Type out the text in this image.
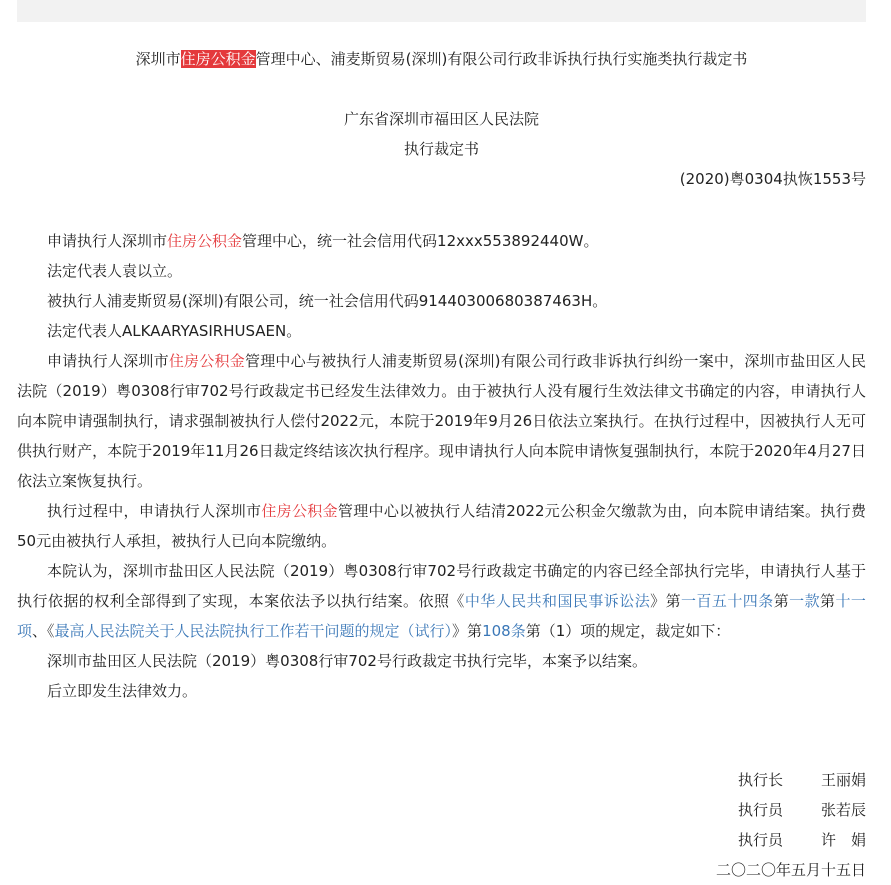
深圳市住房公积金管理中心、浦麦斯贸易(深圳)有限公司行政非诉执行执行实施类执行裁定书
广东省深圳市福田区人民法院
执行裁定书
(2020)粤0304执恢1553号

申请执行人深圳市住房公积金管理中心，统一社会信用代码12xxx553892440W。

法定代表人袁以立。

被执行人浦麦斯贸易(深圳)有限公司，统一社会信用代码91440300680387463H。

法定代表人ALKAARYASIRHUSAEN。

申请执行人深圳市住房公积金管理中心与被执行人浦麦斯贸易(深圳)有限公司行政非诉执行纠纷一案中，深圳市盐田区人民法院（2019）粤0308行审702号行政裁定书已经发生法律效力。由于被执行人没有履行生效法律文书确定的内容，申请执行人向本院申请强制执行，请求强制被执行人偿付2022元，本院于2019年9月26日依法立案执行。在执行过程中，因被执行人无可供执行财产，本院于2019年11月26日裁定终结该次执行程序。现申请执行人向本院申请恢复强制执行，本院于2020年4月27日依法立案恢复执行。

执行过程中，申请执行人深圳市住房公积金管理中心以被执行人结清2022元公积金欠缴款为由，向本院申请结案。执行费50元由被执行人承担，被执行人已向本院缴纳。

本院认为，深圳市盐田区人民法院（2019）粤0308行审702号行政裁定书确定的内容已经全部执行完毕，申请执行人基于执行依据的权利全部得到了实现，本案依法予以执行结案。依照《中华人民共和国民事诉讼法》第一百五十四条第一款第十一项、《最高人民法院关于人民法院执行工作若干问题的规定（试行）》第108条第（1）项的规定，裁定如下：

深圳市盐田区人民法院（2019）粤0308行审702号行政裁定书执行完毕，本案予以结案。

后立即发生法律效力。

执行长	王丽娟
执行员	张若辰
执行员	许　娟
二〇二〇年五月十五日
